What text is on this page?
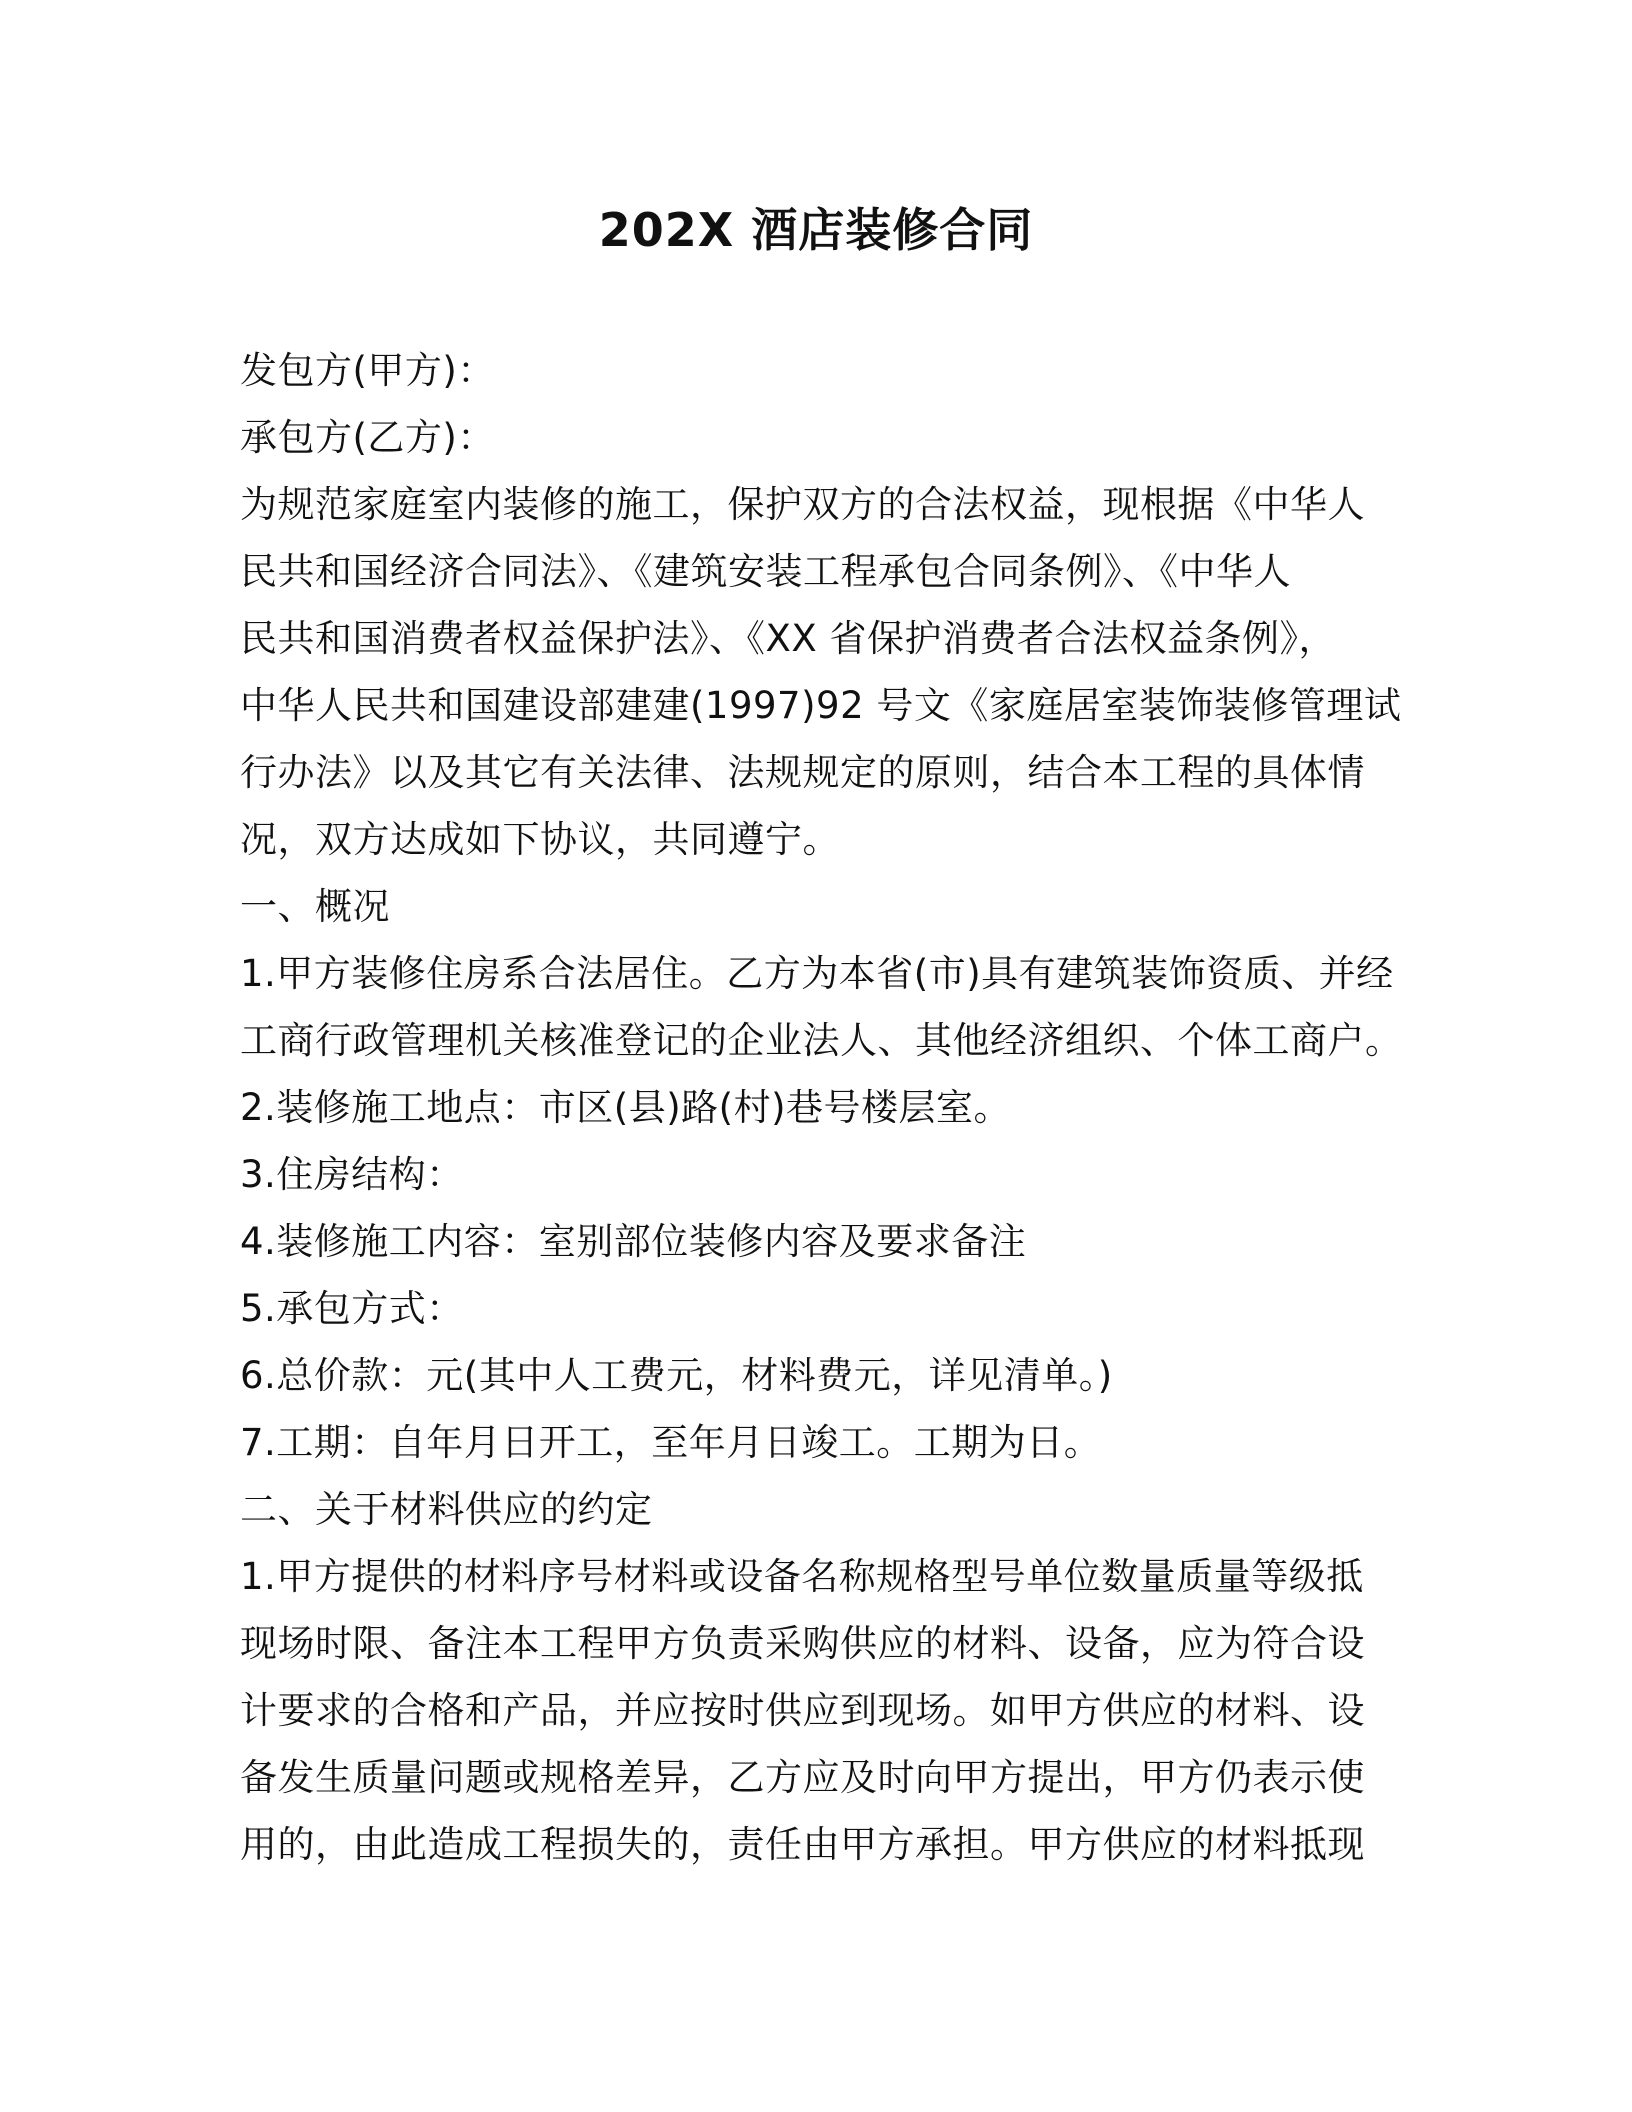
202X 酒店装修合同
发包方(甲方)：
承包方(乙方)：
为规范家庭室内装修的施工，保护双方的合法权益，现根据《中华人
民共和国经济合同法》、《建筑安装工程承包合同条例》、《中华人
民共和国消费者权益保护法》、《XX 省保护消费者合法权益条例》，
中华人民共和国建设部建建(1997)92 号文《家庭居室装饰装修管理试
行办法》以及其它有关法律、法规规定的原则，结合本工程的具体情
况，双方达成如下协议，共同遵宁。
一、概况
1.甲方装修住房系合法居住。乙方为本省(市)具有建筑装饰资质、并经
工商行政管理机关核准登记的企业法人、其他经济组织、个体工商户。
2.装修施工地点：市区(县)路(村)巷号楼层室。
3.住房结构：
4.装修施工内容：室别部位装修内容及要求备注
5.承包方式：
6.总价款：元(其中人工费元，材料费元，详见清单。)
7.工期：自年月日开工，至年月日竣工。工期为日。
二、关于材料供应的约定
1.甲方提供的材料序号材料或设备名称规格型号单位数量质量等级抵
现场时限、备注本工程甲方负责采购供应的材料、设备，应为符合设
计要求的合格和产品，并应按时供应到现场。如甲方供应的材料、设
备发生质量问题或规格差异，乙方应及时向甲方提出，甲方仍表示使
用的，由此造成工程损失的，责任由甲方承担。甲方供应的材料抵现
